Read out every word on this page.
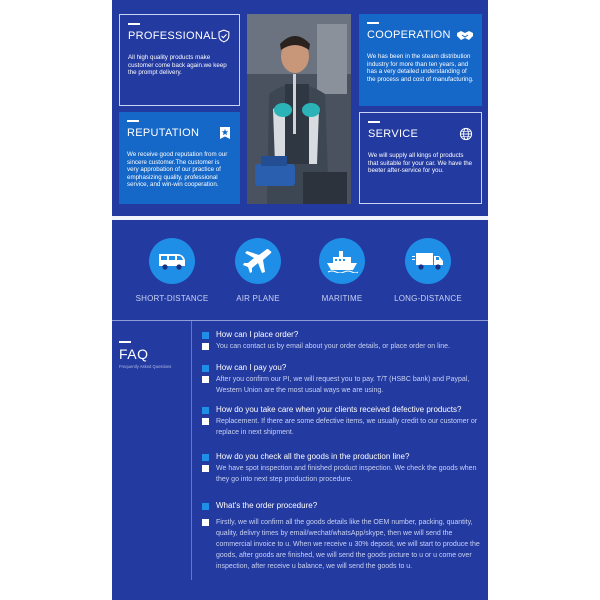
PROFESSIONAL
All high quality products make customer come back again.we keep the prompt delivery.
REPUTATION
We receive good reputation from our sincere customer.The customer is very approbation of our practice of emphasizing quality, professional service, and win-win cooperation.
COOPERATION
We has been in the steam distribution industry for more than ten years, and has a very detailed understanding of the process and cost of manufacturing.
SERVICE
We will supply all kings of products that suitable for your car. We have the beeter after-service for you.
SHORT-DISTANCE	AIR PLANE	MARITIME	LONG-DISTANCE
FAQ
Frequently Asked Questions
How can I place order?
You can contact us by email about your order details, or place order on line.
How can I pay you?
After you confirm our PI, we will request you to pay. T/T (HSBC bank) and Paypal, Western Union are the most usual ways we are using.
How do you take care when your clients received defective products?
Replacement. If there are some defective items, we usually credit to our customer or replace in next shipment.
How do you check all the goods in the production line?
We have spot inspection and finished product inspection. We check the goods when they go into next step production procedure.
What's the order procedure?
Firstly, we will confirm all the goods details like the OEM number, packing, quantity, quality, delivry times by email/wechat/whatsApp/skype, then we will send the commercial invoice to u. When we receive u 30% deposit, we will start to produce the goods, after goods are finished, we will send the goods picture to u or u come over inspection, after receive u balance, we will send the goods to u.
